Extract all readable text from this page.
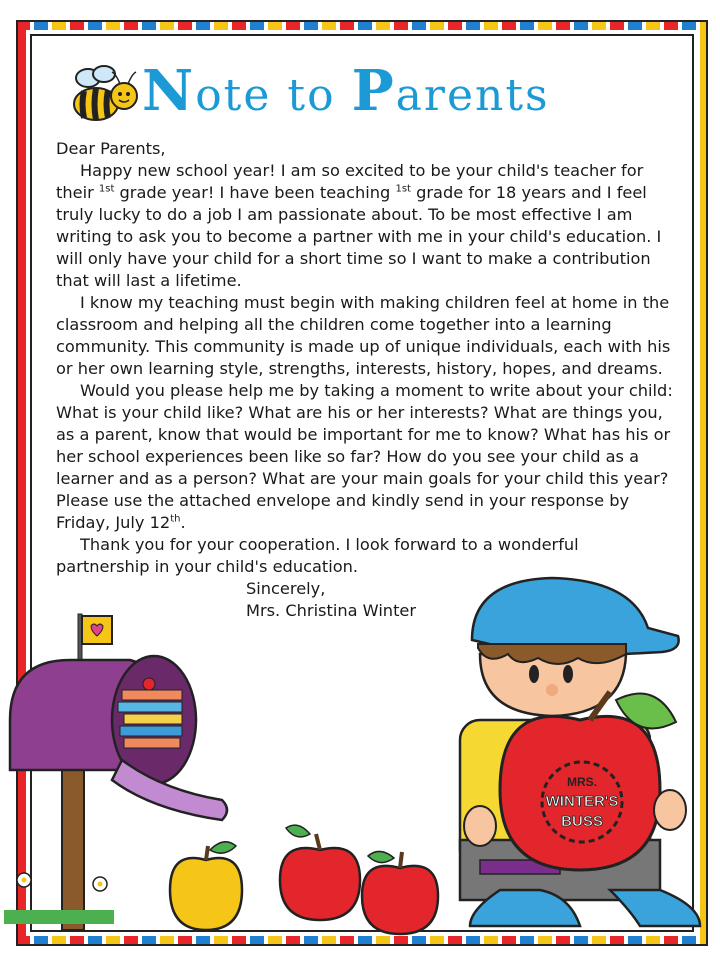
Note to Parents

Dear Parents,

Happy new school year! I am so excited to be your child's teacher for their $^{1st}$ grade year! I have been teaching $^{1st}$ grade for 18 years and I feel truly lucky to do a job I am passionate about. To be most effective I am writing to ask you to become a partner with me in your child's education. I will only have your child for a short time so I want to make a contribution that will last a lifetime.

I know my teaching must begin with making children feel at home in the classroom and helping all the children come together into a learning community. This community is made up of unique individuals, each with his or her own learning style, strengths, interests, history, hopes, and dreams.

Would you please help me by taking a moment to write about your child: What is your child like? What are his or her interests? What are things you, as a parent, know that would be important for me to know? What has his or her school experiences been like so far? How do you see your child as a learner and as a person? What are your main goals for your child this year? Please use the attached envelope and kindly send in your response by Friday, July 12th.

Thank you for your cooperation. I look forward to a wonderful partnership in your child's education.

Sincerely,

Mrs. Christina Winter

MRS.
WINTER'S
BUSS
